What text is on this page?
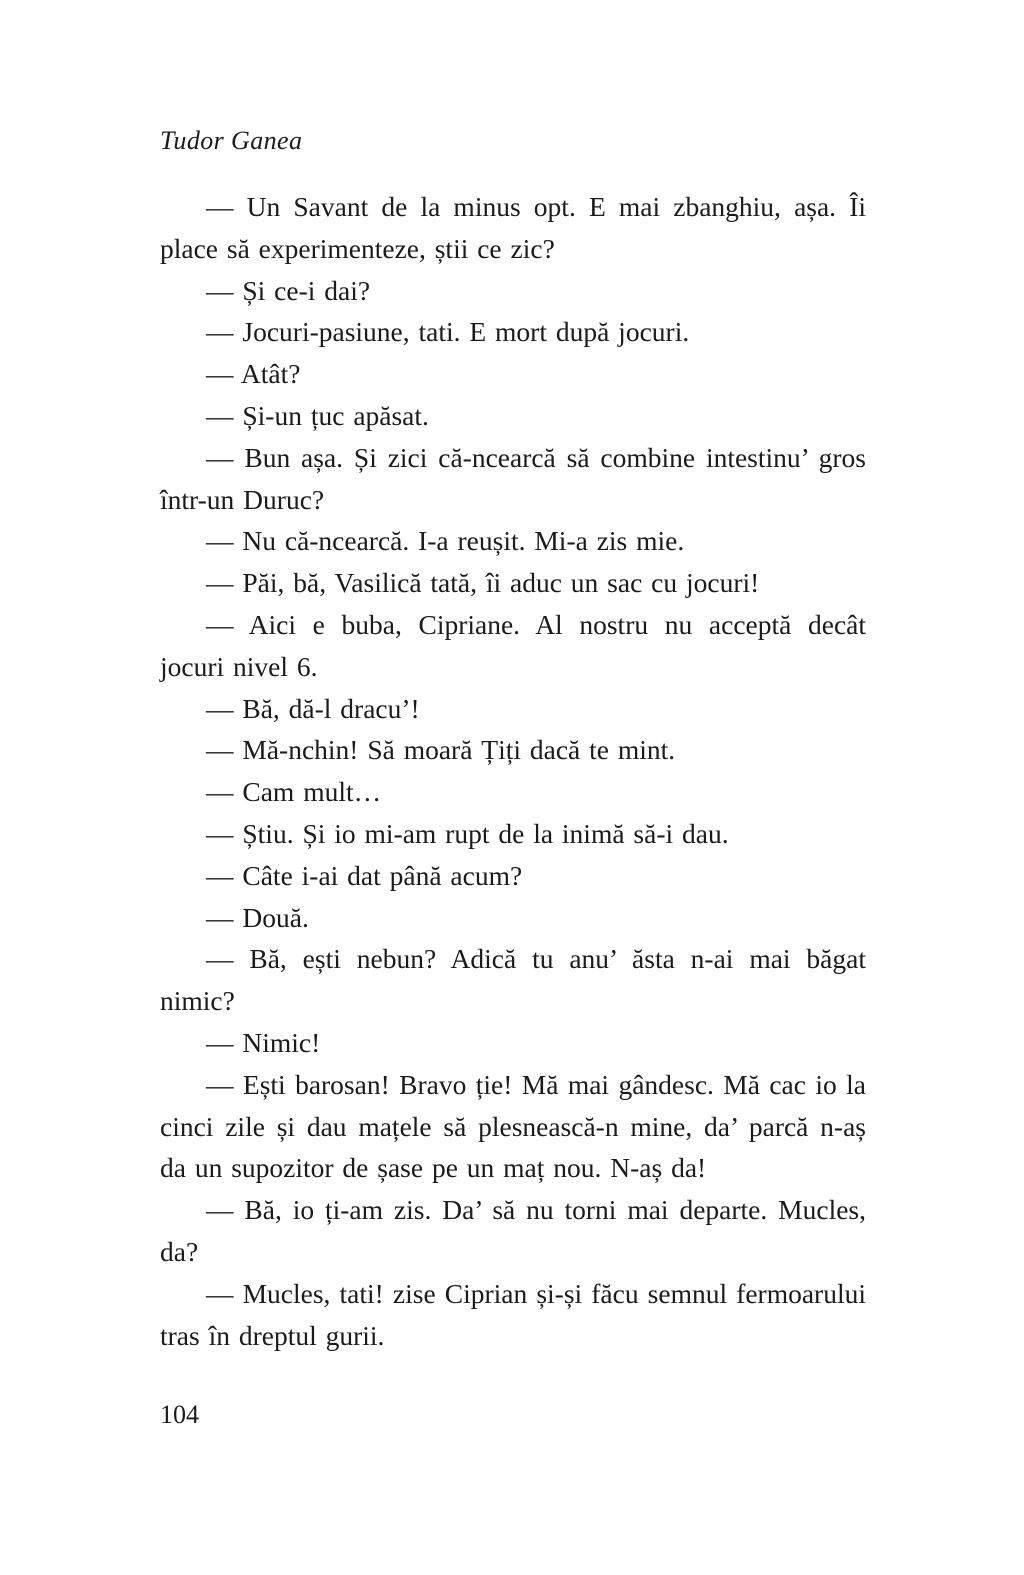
Tudor Ganea

— Un Savant de la minus opt. E mai zbanghiu, așa. Îi place să experimenteze, știi ce zic?

— Și ce-i dai?

— Jocuri-pasiune, tati. E mort după jocuri.

— Atât?

— Și-un țuc apăsat.

— Bun așa. Și zici că-ncearcă să combine intestinu’ gros într-un Duruc?

— Nu că-ncearcă. I-a reușit. Mi-a zis mie.

— Păi, bă, Vasilică tată, îi aduc un sac cu jocuri!

— Aici e buba, Cipriane. Al nostru nu acceptă decât jocuri nivel 6.

— Bă, dă-l dracu’!

— Mă-nchin! Să moară Țiți dacă te mint.

— Cam mult…

— Știu. Și io mi-am rupt de la inimă să-i dau.

— Câte i-ai dat până acum?

— Două.

— Bă, ești nebun? Adică tu anu’ ăsta n-ai mai băgat nimic?

— Nimic!

— Ești barosan! Bravo ție! Mă mai gândesc. Mă cac io la cinci zile și dau mațele să plesnească-n mine, da’ parcă n-aș da un supozitor de șase pe un maț nou. N-aș da!

— Bă, io ți-am zis. Da’ să nu torni mai departe. Mucles, da?

— Mucles, tati! zise Ciprian și-și făcu semnul fermoarului tras în dreptul gurii.

104
